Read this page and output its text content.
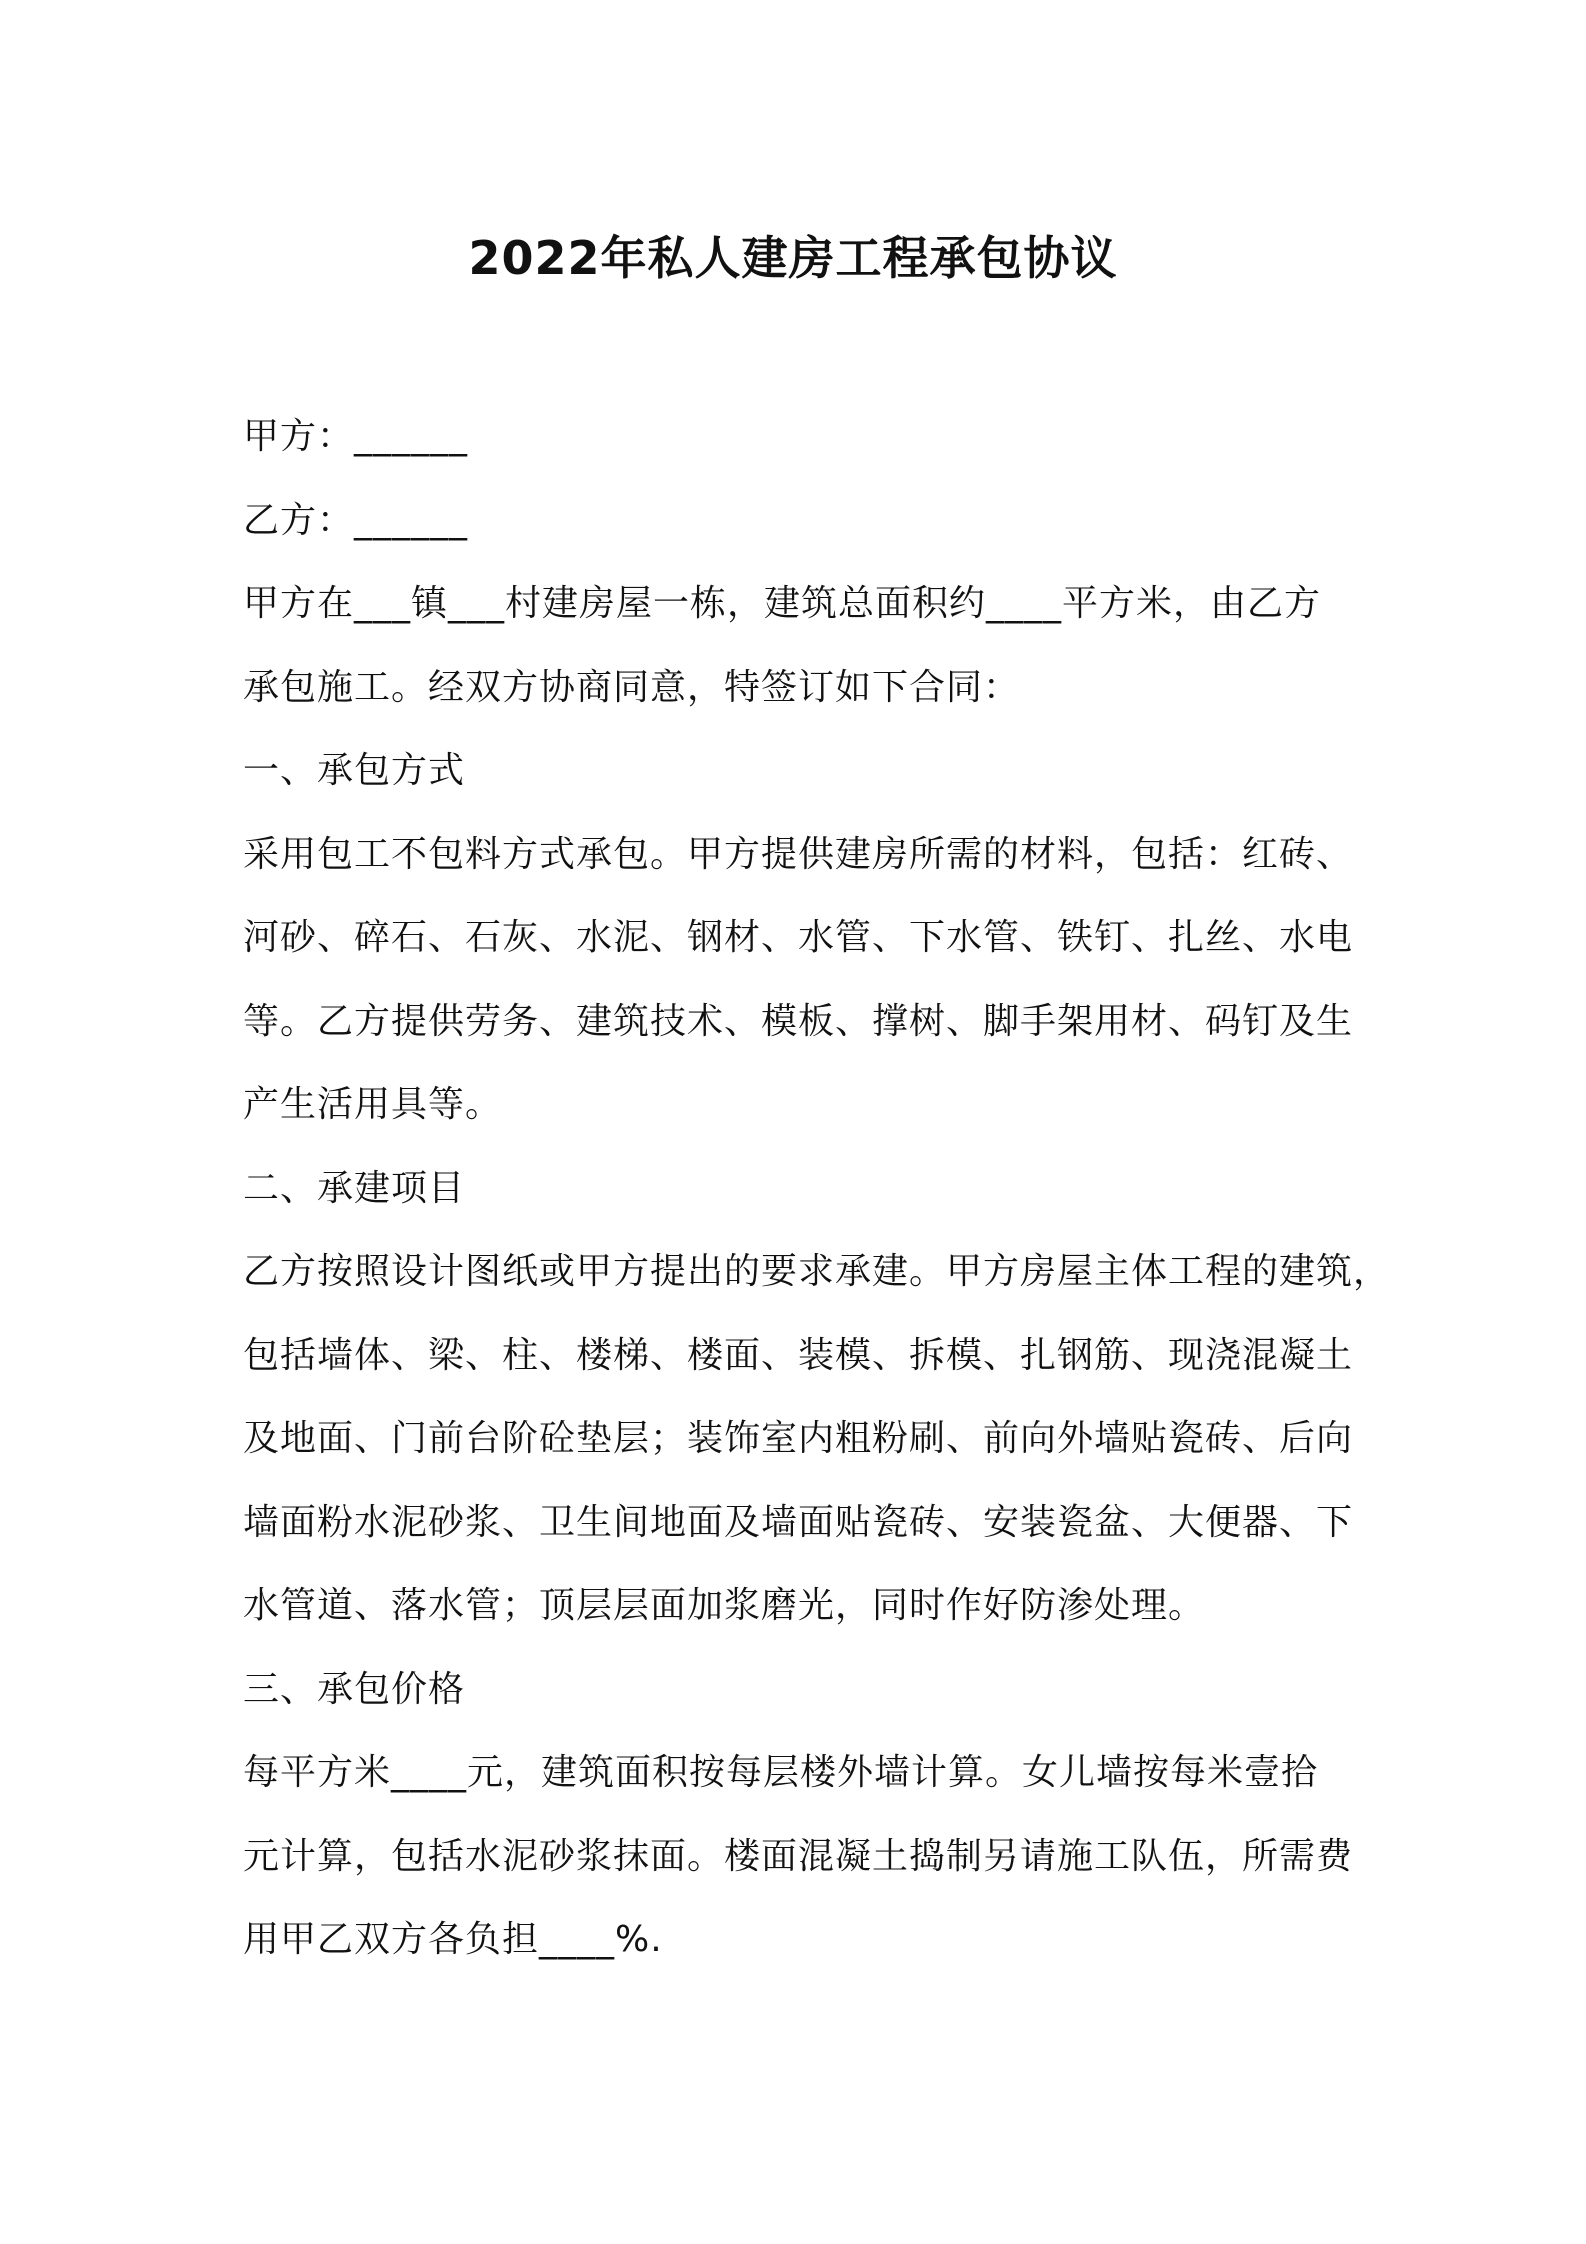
2022年私人建房工程承包协议
甲方：______
乙方：______
甲方在___镇___村建房屋一栋，建筑总面积约____平方米，由乙方
承包施工。经双方协商同意，特签订如下合同：
一、承包方式
采用包工不包料方式承包。甲方提供建房所需的材料，包括：红砖、
河砂、碎石、石灰、水泥、钢材、水管、下水管、铁钉、扎丝、水电
等。乙方提供劳务、建筑技术、模板、撑树、脚手架用材、码钉及生
产生活用具等。
二、承建项目
乙方按照设计图纸或甲方提出的要求承建。甲方房屋主体工程的建筑，
包括墙体、梁、柱、楼梯、楼面、装模、拆模、扎钢筋、现浇混凝土
及地面、门前台阶砼垫层；装饰室内粗粉刷、前向外墙贴瓷砖、后向
墙面粉水泥砂浆、卫生间地面及墙面贴瓷砖、安装瓷盆、大便器、下
水管道、落水管；顶层层面加浆磨光，同时作好防渗处理。
三、承包价格
每平方米____元，建筑面积按每层楼外墙计算。女儿墙按每米壹拾
元计算，包括水泥砂浆抹面。楼面混凝土捣制另请施工队伍，所需费
用甲乙双方各负担____%.
